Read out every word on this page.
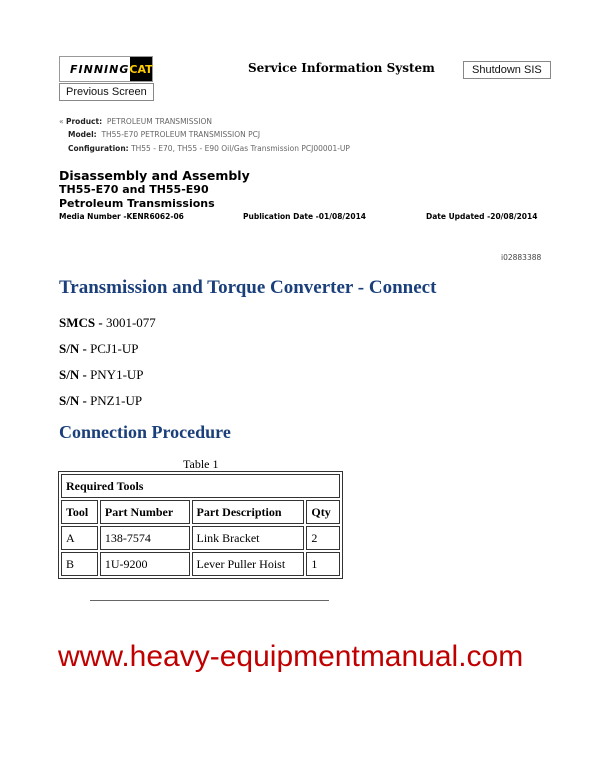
FINNING CAT
Previous Screen
Service Information System	Shutdown SIS
« Product: PETROLEUM TRANSMISSION
Model: TH55-E70 PETROLEUM TRANSMISSION PCJ
Configuration: TH55 - E70, TH55 - E90 Oil/Gas Transmission PCJ00001-UP
Disassembly and Assembly
TH55-E70 and TH55-E90
Petroleum Transmissions
Media Number -KENR6062-06	Publication Date -01/08/2014	Date Updated -20/08/2014
i02883388
Transmission and Torque Converter - Connect
SMCS - 3001-077
S/N - PCJ1-UP
S/N - PNY1-UP
S/N - PNZ1-UP
Connection Procedure
Table 1
Required Tools			
Tool	Part Number	Part Description	Qty
A	138-7574	Link Bracket	2
B	1U-9200	Lever Puller Hoist	1
www.heavy-equipmentmanual.com
